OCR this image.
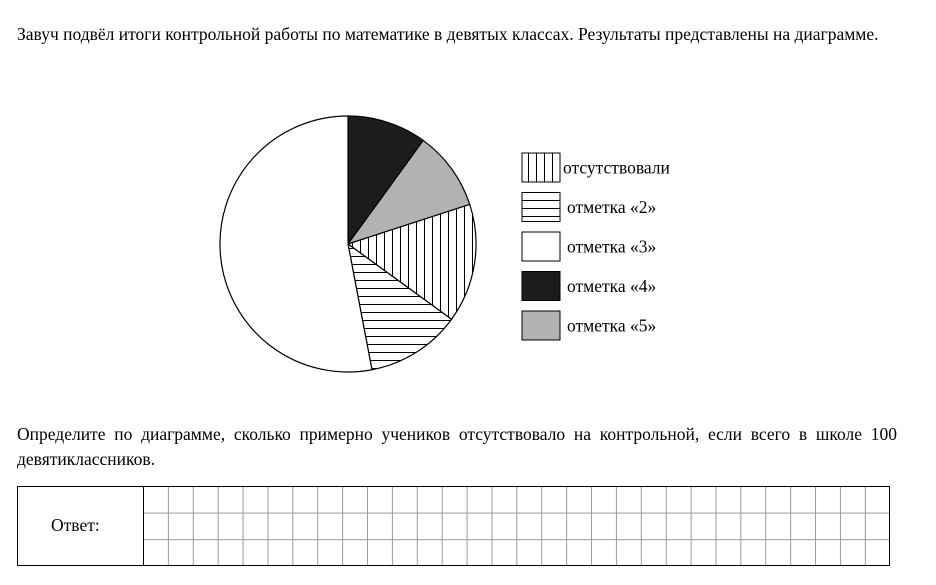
Завуч подвёл итоги контрольной работы по математике в девятых классах. Результаты представлены на диаграмме.

отсутствовали
отметка «2»
отметка «3»
отметка «4»
отметка «5»

Определите по диаграмме, сколько примерно учеников отсутствовало на контрольной, если всего в школе 100 девятиклассников.

Ответ:
